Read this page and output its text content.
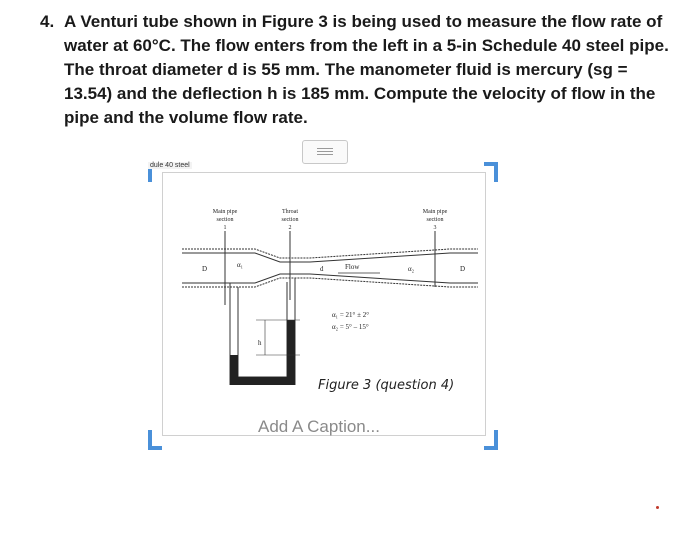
4. A Venturi tube shown in Figure 3 is being used to measure the flow rate of
water at 60°C. The flow enters from the left in a 5-in Schedule 40 steel pipe.
The throat diameter d is 55 mm. The manometer fluid is mercury (sg =
13.54) and the deflection h is 185 mm. Compute the velocity of flow in the
pipe and the volume flow rate.
dule 40 steel
Main pipe
section
1
Throat
section
2
Main pipe
section
3
D	D
α₁	α₂
d	Flow
α₁ = 21° ± 2°
α₂ = 5° – 15°
h
Figure 3 (question 4)
Add A Caption...
